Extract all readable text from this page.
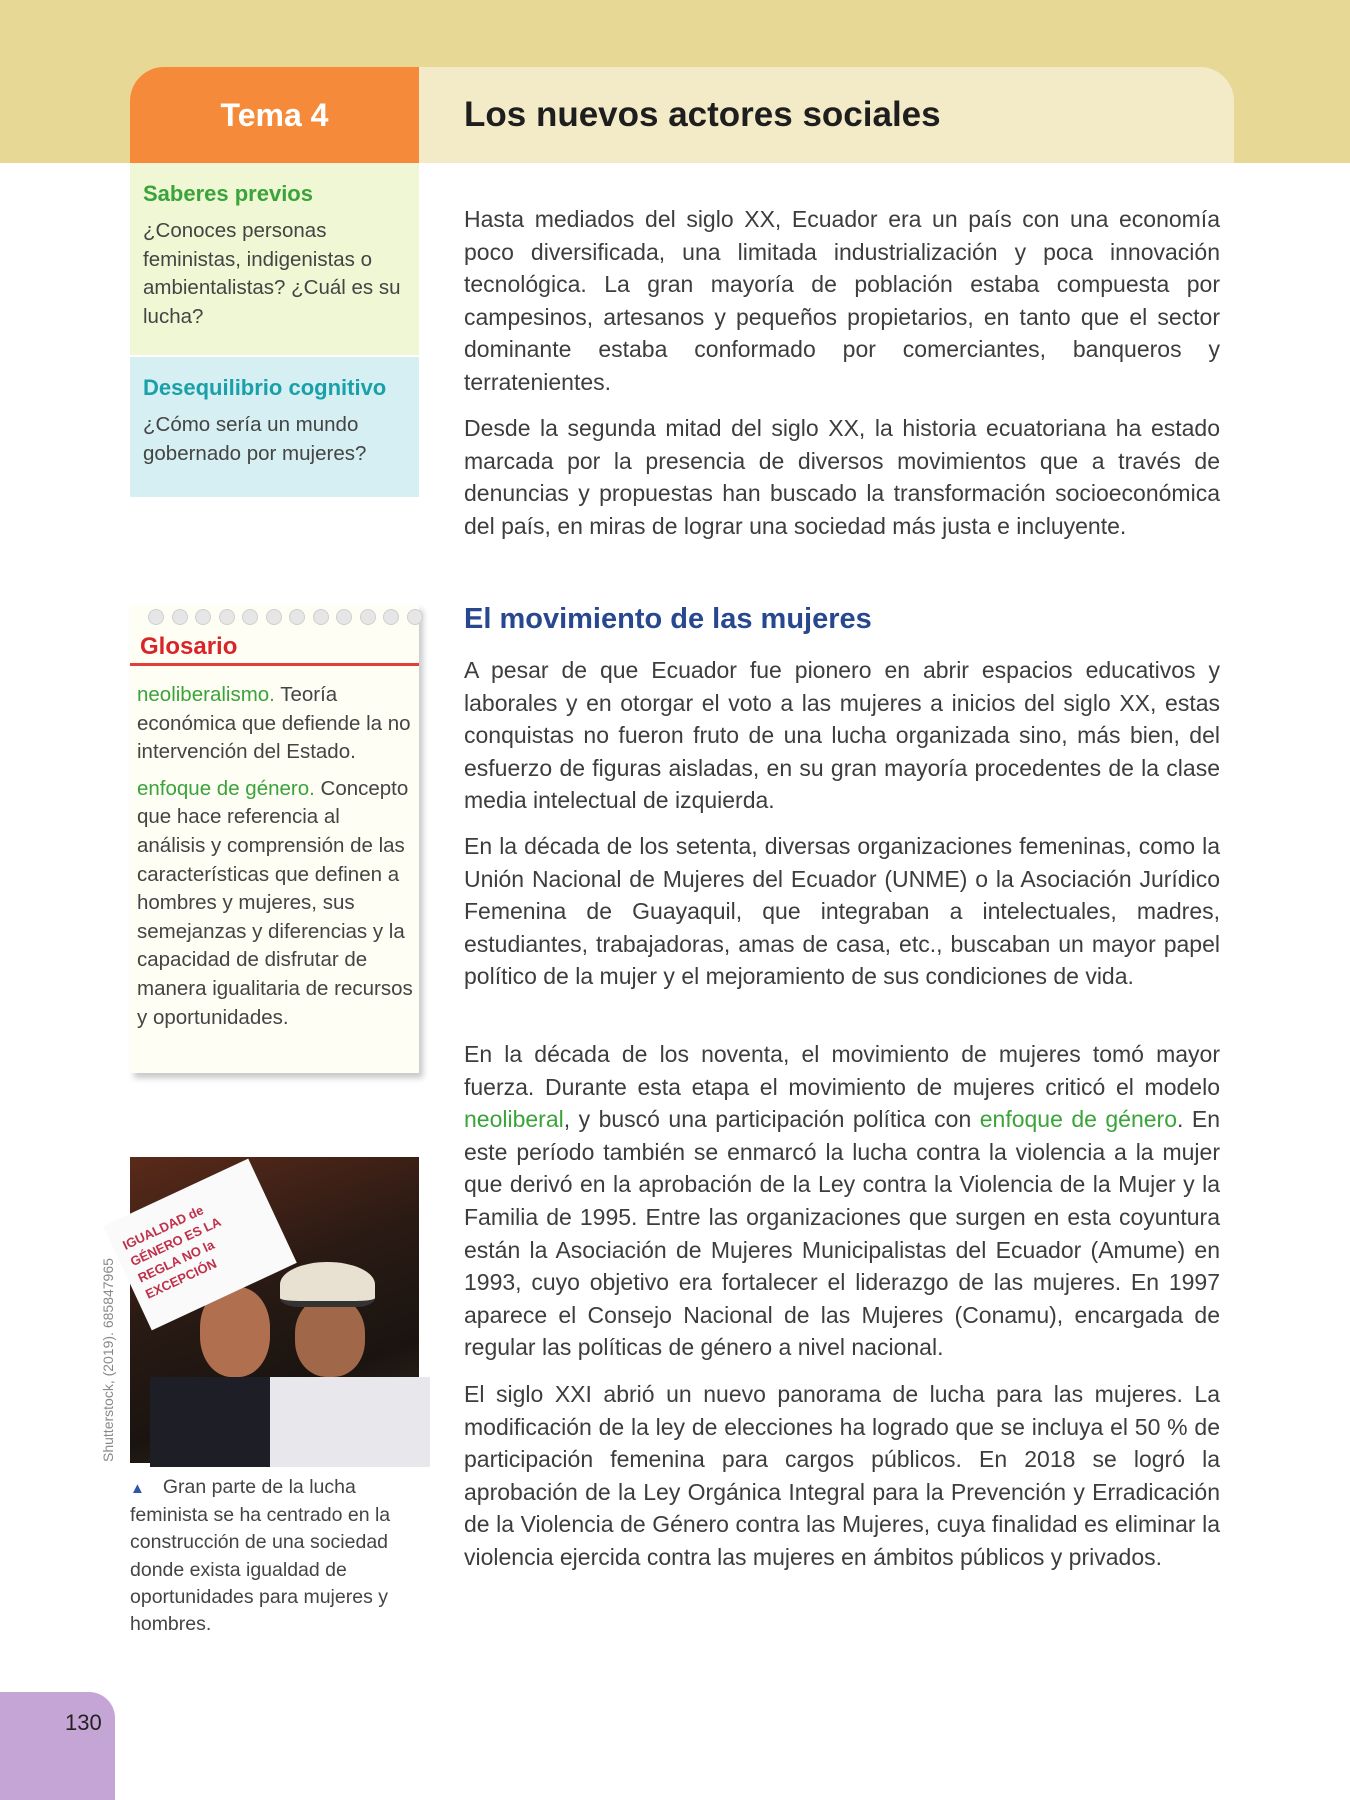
Tema 4	Los nuevos actores sociales
Saberes previos

¿Conoces personas feministas, indigenistas o ambientalistas? ¿Cuál es su lucha?

Desequilibrio cognitivo

¿Cómo sería un mundo gobernado por mujeres?

Glosario

neoliberalismo. Teoría económica que defiende la no intervención del Estado.

enfoque de género. Concepto que hace referencia al análisis y comprensión de las características que definen a hombres y mujeres, sus semejanzas y diferencias y la capacidad de disfrutar de manera igualitaria de recursos y oportunidades.

IGUALDAD de GÉNERO ES LA REGLA NO la EXCEPCIÓN
Shutterstock, (2019). 685847965
▲ Gran parte de la lucha feminista se ha centrado en la construcción de una sociedad donde exista igualdad de oportunidades para mujeres y hombres.

Hasta mediados del siglo XX, Ecuador era un país con una economía poco diversificada, una limitada industrialización y poca innovación tecnológica. La gran mayoría de población estaba compuesta por campesinos, artesanos y pequeños propietarios, en tanto que el sector dominante estaba conformado por comerciantes, banqueros y terratenientes.

Desde la segunda mitad del siglo XX, la historia ecuatoriana ha estado marcada por la presencia de diversos movimientos que a través de denuncias y propuestas han buscado la transformación socioeconómica del país, en miras de lograr una sociedad más justa e incluyente.

El movimiento de las mujeres

A pesar de que Ecuador fue pionero en abrir espacios educativos y laborales y en otorgar el voto a las mujeres a inicios del siglo XX, estas conquistas no fueron fruto de una lucha organizada sino, más bien, del esfuerzo de figuras aisladas, en su gran mayoría procedentes de la clase media intelectual de izquierda.

En la década de los setenta, diversas organizaciones femeninas, como la Unión Nacional de Mujeres del Ecuador (UNME) o la Asociación Jurídico Femenina de Guayaquil, que integraban a intelectuales, madres, estudiantes, trabajadoras, amas de casa, etc., buscaban un mayor papel político de la mujer y el mejoramiento de sus condiciones de vida.

En la década de los noventa, el movimiento de mujeres tomó mayor fuerza. Durante esta etapa el movimiento de mujeres criticó el modelo neoliberal, y buscó una participación política con enfoque de género. En este período también se enmarcó la lucha contra la violencia a la mujer que derivó en la aprobación de la Ley contra la Violencia de la Mujer y la Familia de 1995. Entre las organizaciones que surgen en esta coyuntura están la Asociación de Mujeres Municipalistas del Ecuador (Amume) en 1993, cuyo objetivo era fortalecer el liderazgo de las mujeres. En 1997 aparece el Consejo Nacional de las Mujeres (Conamu), encargada de regular las políticas de género a nivel nacional.

El siglo XXI abrió un nuevo panorama de lucha para las mujeres. La modificación de la ley de elecciones ha logrado que se incluya el 50 % de participación femenina para cargos públicos. En 2018 se logró la aprobación de la Ley Orgánica Integral para la Prevención y Erradicación de la Violencia de Género contra las Mujeres, cuya finalidad es eliminar la violencia ejercida contra las mujeres en ámbitos públicos y privados.

130
